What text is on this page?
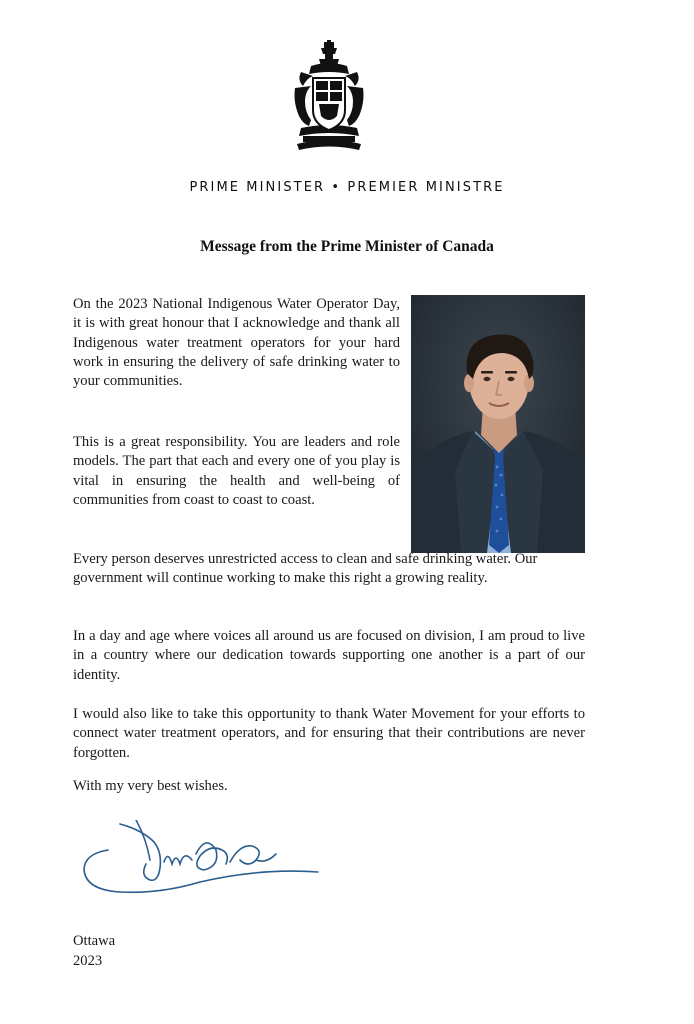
PRIME MINISTER • PREMIER MINISTRE
Message from the Prime Minister of Canada

On the 2023 National Indigenous Water Operator Day, it is with great honour that I acknowledge and thank all Indigenous water treatment operators for your hard work in ensuring the delivery of safe drinking water to your communities.

This is a great responsibility. You are leaders and role models. The part that each and every one of you play is vital in ensuring the health and well-being of communities from coast to coast to coast.

Every person deserves unrestricted access to clean and safe drinking water. Our government will continue working to make this right a growing reality.

In a day and age where voices all around us are focused on division, I am proud to live in a country where our dedication towards supporting one another is a part of our identity.

I would also like to take this opportunity to thank Water Movement for your efforts to connect water treatment operators, and for ensuring that their contributions are never forgotten.

With my very best wishes.

Ottawa

2023
